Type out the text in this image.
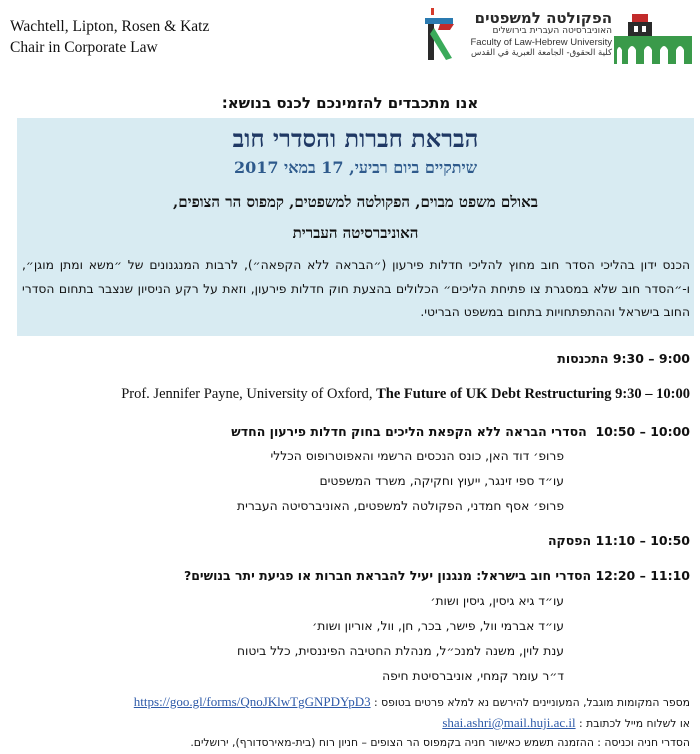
Wachtell, Lipton, Rosen & Katz
Chair in Corporate Law
הפקולטה למשפטים
האוניברסיטה העברית בירושלים
Faculty of Law-Hebrew University
كلية الحقوق- الجامعة العبرية في القدس
אנו מתכבדים להזמינכם לכנס בנושא:
הבראת חברות והסדרי חוב
שיתקיים ביום רביעי, 17 במאי 2017
באולם משפט מבוים, הפקולטה למשפטים, קמפוס הר הצופים,
האוניברסיטה העברית
הכנס ידון בהליכי הסדר חוב מחוץ להליכי חדלות פירעון (״הבראה ללא הקפאה״), לרבות המנגנונים של ״משא ומתן מוגן״, ו-״הסדר חוב שלא במסגרת צו פתיחת הליכים״ הכלולים בהצעת חוק חדלות פירעון, וזאת על רקע הניסיון שנצבר בתחום הסדרי החוב בישראל וההתפתחויות בתחום במשפט הבריטי.
9:00 – 9:30 התכנסות
Prof. Jennifer Payne, University of Oxford, The Future of UK Debt Restructuring 9:30 – 10:00
10:00 – 10:50  הסדרי הבראה ללא הקפאת הליכים בחוק חדלות פירעון החדש
פרופ׳ דוד האן, כונס הנכסים הרשמי והאפוטרופוס הכללי
עו״ד ספי זינגר, ייעוץ וחקיקה, משרד המשפטים
פרופ׳ אסף חמדני, הפקולטה למשפטים, האוניברסיטה העברית
10:50 – 11:10 הפסקה
11:10 – 12:20 הסדרי חוב בישראל: מנגנון יעיל להבראת חברות או פגיעת יתר בנושים?
עו״ד גיא גיסין, גיסין ושות׳
עו״ד אברמי וול, פישר, בכר, חן, וול, אוריון ושות׳
ענת לוין, משנה למנכ״ל, מנהלת החטיבה הפיננסית, כלל ביטוח
ד״ר עומר קמחי, אוניברסיטת חיפה
מספר המקומות מוגבל, המעוניינים להירשם נא למלא פרטים בטופס : https://goo.gl/forms/QnoJKlwTgGNPDYpD3
או לשלוח מייל לכתובת : shai.ashri@mail.huji.ac.il
הסדרי חניה וכניסה : ההזמנה תשמש כאישור חניה בקמפוס הר הצופים – חניון רוח (בית-מאירסדורף), ירושלים.
